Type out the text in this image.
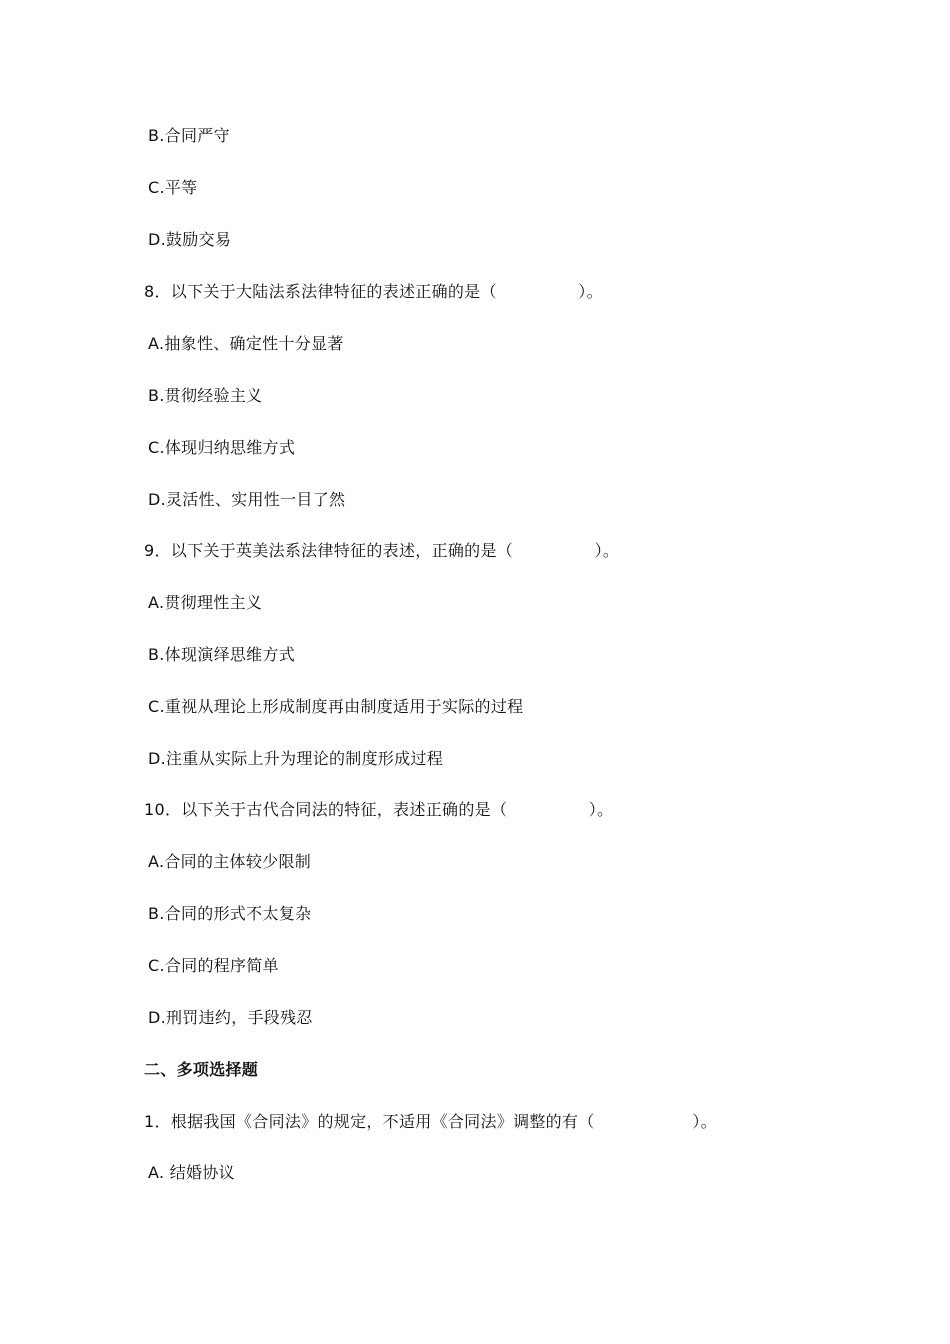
B.合同严守
C.平等
D.鼓励交易
8．以下关于大陆法系法律特征的表述正确的是（　　　　　）。
A.抽象性、确定性十分显著
B.贯彻经验主义
C.体现归纳思维方式
D.灵活性、实用性一目了然
9．以下关于英美法系法律特征的表述，正确的是（　　　　　）。
A.贯彻理性主义
B.体现演绎思维方式
C.重视从理论上形成制度再由制度适用于实际的过程
D.注重从实际上升为理论的制度形成过程
10．以下关于古代合同法的特征，表述正确的是（　　　　　）。
A.合同的主体较少限制
B.合同的形式不太复杂
C.合同的程序简单
D.刑罚违约，手段残忍
二、多项选择题
1．根据我国《合同法》的规定，不适用《合同法》调整的有（　　　　　　）。
A. 结婚协议
